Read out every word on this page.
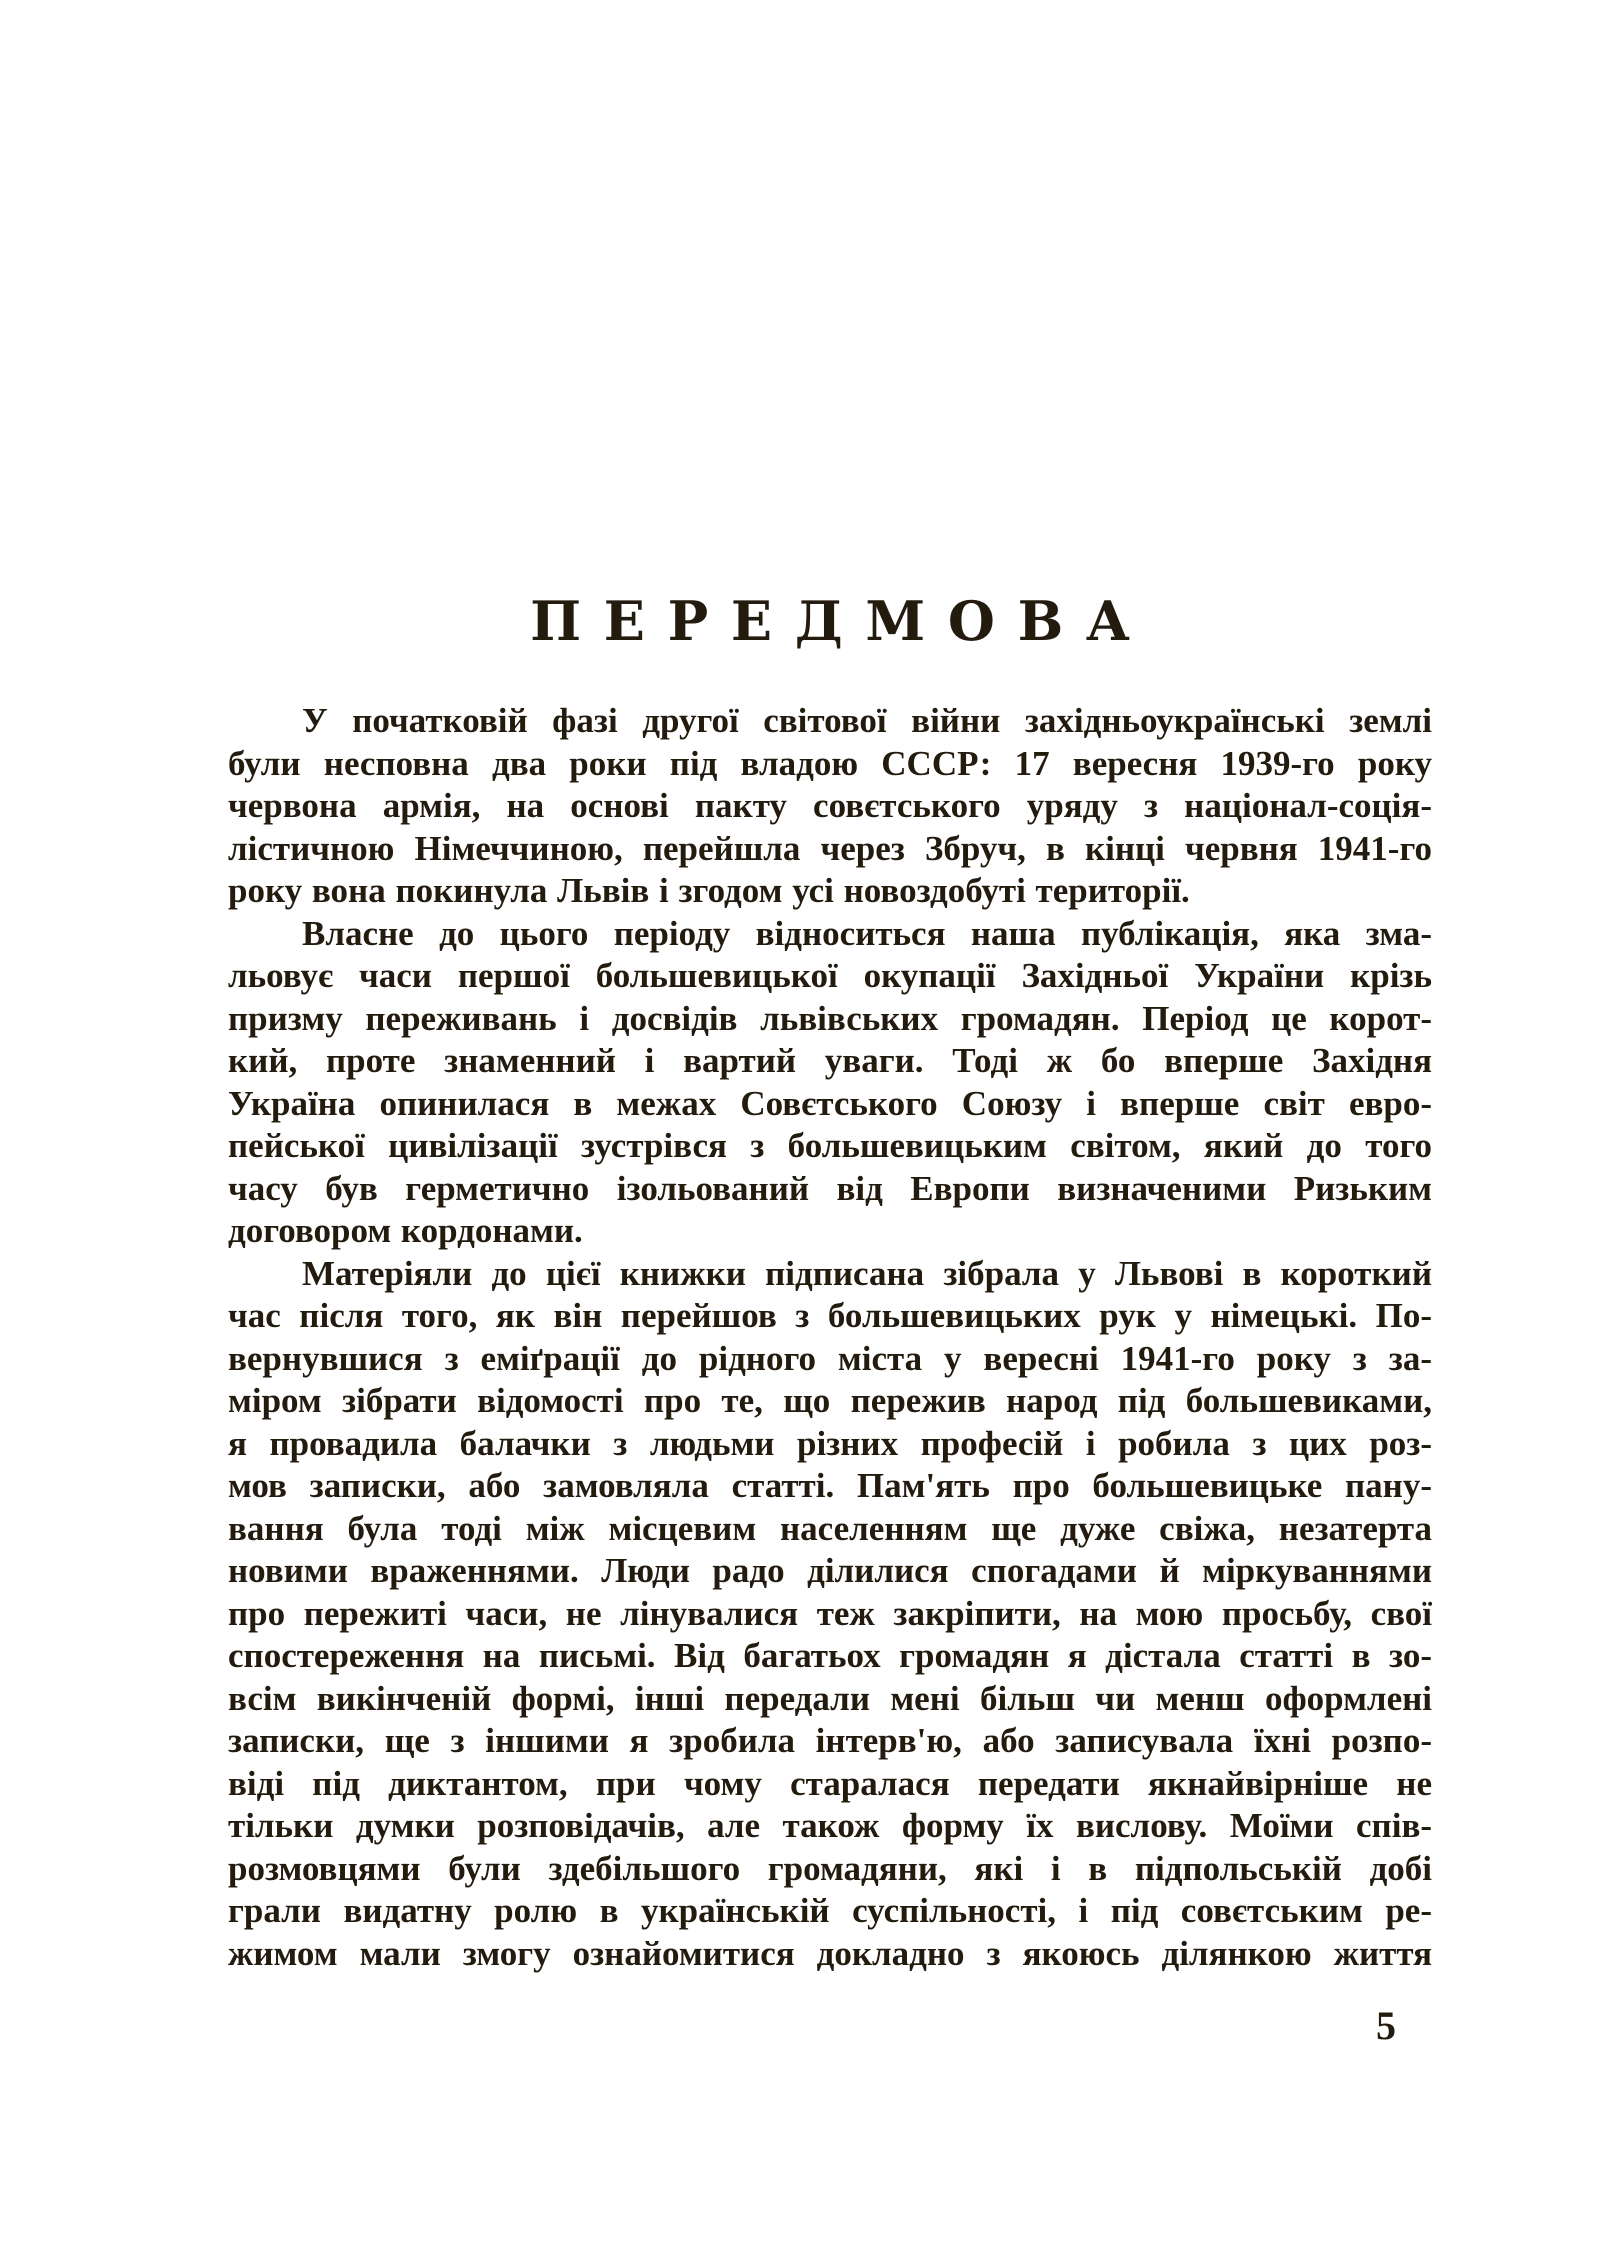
ПЕРЕДМОВА
У початковій фазі другої світової війни західньоукраїнські землі
були несповна два роки під владою СССР: 17 вересня 1939-го року
червона армія, на основі пакту совєтського уряду з націонал-соція-
лістичною Німеччиною, перейшла через Збруч, в кінці червня 1941-го
року вона покинула Львів і згодом усі новоздобуті території.
Власне до цього періоду відноситься наша публікація, яка зма-
льовує часи першої большевицької окупації Західньої України крізь
призму переживань і досвідів львівських громадян. Період це корот-
кий, проте знаменний і вартий уваги. Тоді ж бо вперше Західня
Україна опинилася в межах Совєтського Союзу і вперше світ евро-
пейської цивілізації зустрівся з большевицьким світом, який до того
часу був герметично ізольований від Европи визначеними Ризьким
договором кордонами.
Матеріяли до цієї книжки підписана зібрала у Львові в короткий
час після того, як він перейшов з большевицьких рук у німецькі. По-
вернувшися з еміґрації до рідного міста у вересні 1941-го року з за-
міром зібрати відомості про те, що пережив народ під большевиками,
я провадила балачки з людьми різних професій і робила з цих роз-
мов записки, або замовляла статті. Пам'ять про большевицьке пану-
вання була тоді між місцевим населенням ще дуже свіжа, незатерта
новими враженнями. Люди радо ділилися спогадами й міркуваннями
про пережиті часи, не лінувалися теж закріпити, на мою просьбу, свої
спостереження на письмі. Від багатьох громадян я дістала статті в зо-
всім викінченій формі, інші передали мені більш чи менш оформлені
записки, ще з іншими я зробила інтерв'ю, або записувала їхні розпо-
віді під диктантом, при чому старалася передати якнайвірніше не
тільки думки розповідачів, але також форму їх вислову. Моїми спів-
розмовцями були здебільшого громадяни, які і в підпольській добі
грали видатну ролю в українській суспільності, і під совєтським ре-
жимом мали змогу ознайомитися докладно з якоюсь ділянкою життя
5
